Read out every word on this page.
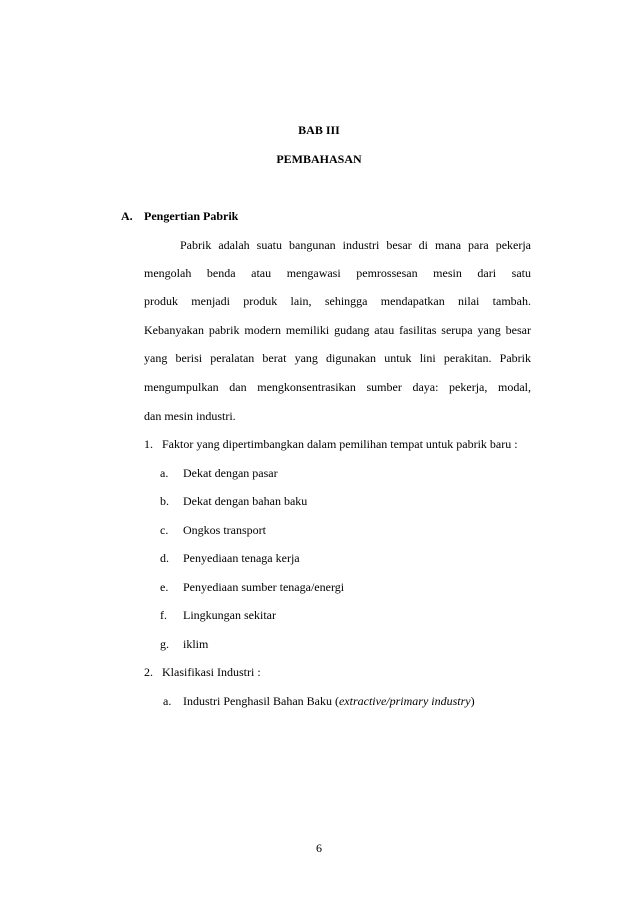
BAB III
PEMBAHASAN
A. Pengertian Pabrik
Pabrik adalah suatu bangunan industri besar di mana para pekerja
mengolah benda atau mengawasi pemrossesan mesin dari satu
produk menjadi produk lain, sehingga mendapatkan nilai tambah.
Kebanyakan pabrik modern memiliki gudang atau fasilitas serupa yang besar
yang berisi peralatan berat yang digunakan untuk lini perakitan. Pabrik
mengumpulkan dan mengkonsentrasikan sumber daya: pekerja, modal,
dan mesin industri.
1. Faktor yang dipertimbangkan dalam pemilihan tempat untuk pabrik baru :
a. Dekat dengan pasar
b. Dekat dengan bahan baku
c. Ongkos transport
d. Penyediaan tenaga kerja
e. Penyediaan sumber tenaga/energi
f. Lingkungan sekitar
g. iklim
2. Klasifikasi Industri :
a. Industri Penghasil Bahan Baku (extractive/primary industry)
6
